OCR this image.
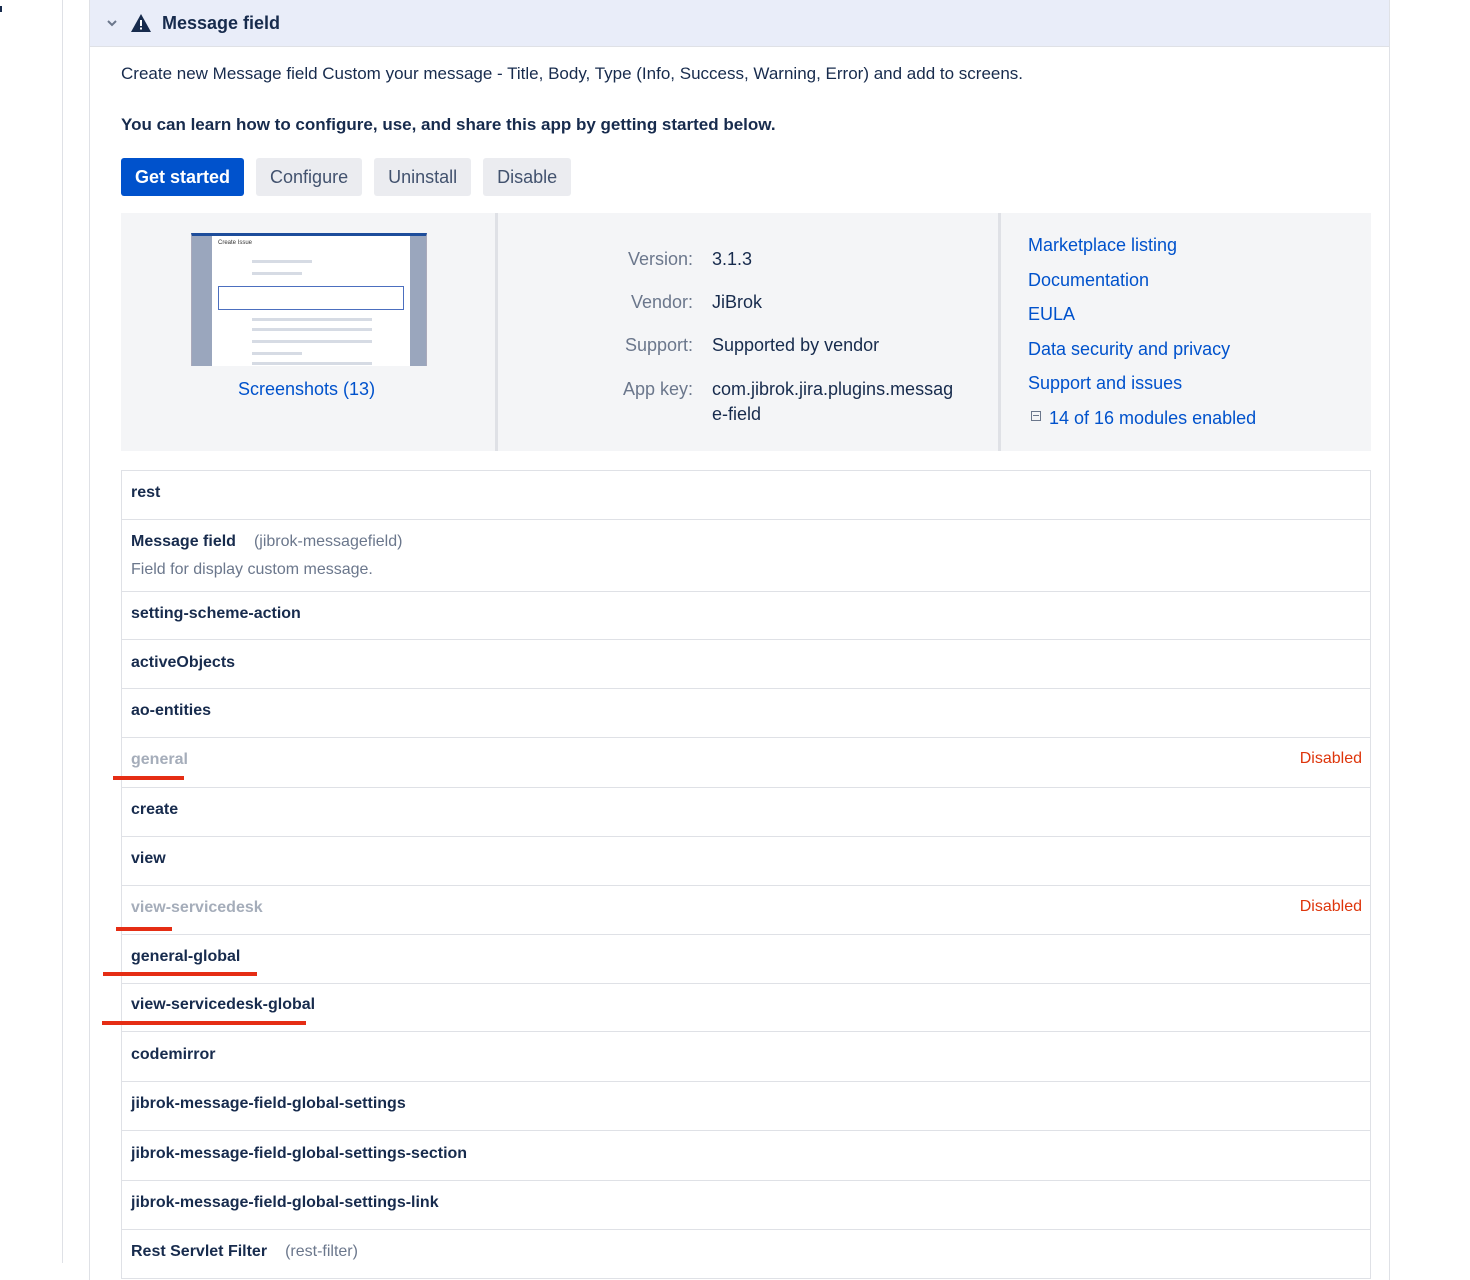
Message field
Create new Message field Custom your message - Title, Body, Type (Info, Success, Warning, Error) and add to screens.
You can learn how to configure, use, and share this app by getting started below.
Get started	Configure	Uninstall	Disable
Create Issue
Screenshots (13)
Version: 3.1.3
Vendor: JiBrok
Support: Supported by vendor
App key: com.jibrok.jira.plugins.messag
e-field
Marketplace listing
Documentation
EULA
Data security and privacy
Support and issues
14 of 16 modules enabled
rest
Message field (jibrok-messagefield)
Field for display custom message.
setting-scheme-action
activeObjects
ao-entities
general	Disabled
create
view
view-servicedesk	Disabled
general-global
view-servicedesk-global
codemirror
jibrok-message-field-global-settings
jibrok-message-field-global-settings-section
jibrok-message-field-global-settings-link
Rest Servlet Filter (rest-filter)
